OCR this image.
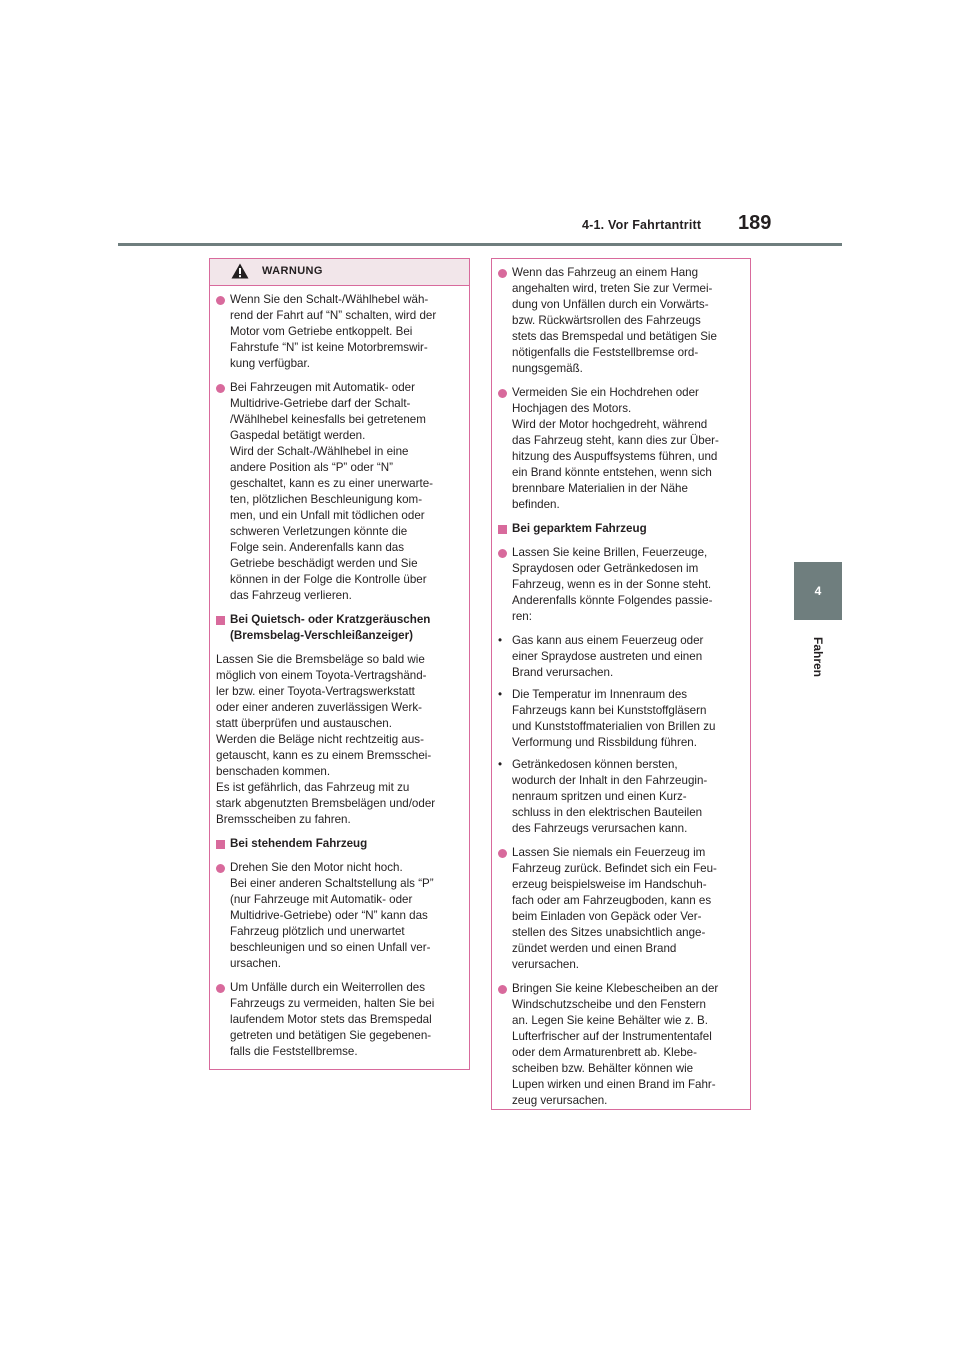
4-1. Vor Fahrtantritt 189
4
Fahren
WARNUNG
Wenn Sie den Schalt-/Wählhebel wäh-
rend der Fahrt auf “N” schalten, wird der
Motor vom Getriebe entkoppelt. Bei
Fahrstufe “N” ist keine Motorbremswir-
kung verfügbar.
Bei Fahrzeugen mit Automatik- oder
Multidrive-Getriebe darf der Schalt-
/Wählhebel keinesfalls bei getretenem
Gaspedal betätigt werden.
Wird der Schalt-/Wählhebel in eine
andere Position als “P” oder “N”
geschaltet, kann es zu einer unerwarte-
ten, plötzlichen Beschleunigung kom-
men, und ein Unfall mit tödlichen oder
schweren Verletzungen könnte die
Folge sein. Anderenfalls kann das
Getriebe beschädigt werden und Sie
können in der Folge die Kontrolle über
das Fahrzeug verlieren.
Bei Quietsch- oder Kratzgeräuschen
(Bremsbelag-Verschleißanzeiger)
Lassen Sie die Bremsbeläge so bald wie
möglich von einem Toyota-Vertragshänd-
ler bzw. einer Toyota-Vertragswerkstatt
oder einer anderen zuverlässigen Werk-
statt überprüfen und austauschen.
Werden die Beläge nicht rechtzeitig aus-
getauscht, kann es zu einem Bremsschei-
benschaden kommen.
Es ist gefährlich, das Fahrzeug mit zu
stark abgenutzten Bremsbelägen und/oder
Bremsscheiben zu fahren.
Bei stehendem Fahrzeug
Drehen Sie den Motor nicht hoch.
Bei einer anderen Schaltstellung als “P”
(nur Fahrzeuge mit Automatik- oder
Multidrive-Getriebe) oder “N” kann das
Fahrzeug plötzlich und unerwartet
beschleunigen und so einen Unfall ver-
ursachen.
Um Unfälle durch ein Weiterrollen des
Fahrzeugs zu vermeiden, halten Sie bei
laufendem Motor stets das Bremspedal
getreten und betätigen Sie gegebenen-
falls die Feststellbremse.
Wenn das Fahrzeug an einem Hang
angehalten wird, treten Sie zur Vermei-
dung von Unfällen durch ein Vorwärts-
bzw. Rückwärtsrollen des Fahrzeugs
stets das Bremspedal und betätigen Sie
nötigenfalls die Feststellbremse ord-
nungsgemäß.
Vermeiden Sie ein Hochdrehen oder
Hochjagen des Motors.
Wird der Motor hochgedreht, während
das Fahrzeug steht, kann dies zur Über-
hitzung des Auspuffsystems führen, und
ein Brand könnte entstehen, wenn sich
brennbare Materialien in der Nähe
befinden.
Bei geparktem Fahrzeug
Lassen Sie keine Brillen, Feuerzeuge,
Spraydosen oder Getränkedosen im
Fahrzeug, wenn es in der Sonne steht.
Anderenfalls könnte Folgendes passie-
ren:
• Gas kann aus einem Feuerzeug oder
einer Spraydose austreten und einen
Brand verursachen.
• Die Temperatur im Innenraum des
Fahrzeugs kann bei Kunststoffgläsern
und Kunststoffmaterialien von Brillen zu
Verformung und Rissbildung führen.
• Getränkedosen können bersten,
wodurch der Inhalt in den Fahrzeugin-
nenraum spritzen und einen Kurz-
schluss in den elektrischen Bauteilen
des Fahrzeugs verursachen kann.
Lassen Sie niemals ein Feuerzeug im
Fahrzeug zurück. Befindet sich ein Feu-
erzeug beispielsweise im Handschuh-
fach oder am Fahrzeugboden, kann es
beim Einladen von Gepäck oder Ver-
stellen des Sitzes unabsichtlich ange-
zündet werden und einen Brand
verursachen.
Bringen Sie keine Klebescheiben an der
Windschutzscheibe und den Fenstern
an. Legen Sie keine Behälter wie z. B.
Lufterfrischer auf der Instrumententafel
oder dem Armaturenbrett ab. Klebe-
scheiben bzw. Behälter können wie
Lupen wirken und einen Brand im Fahr-
zeug verursachen.
